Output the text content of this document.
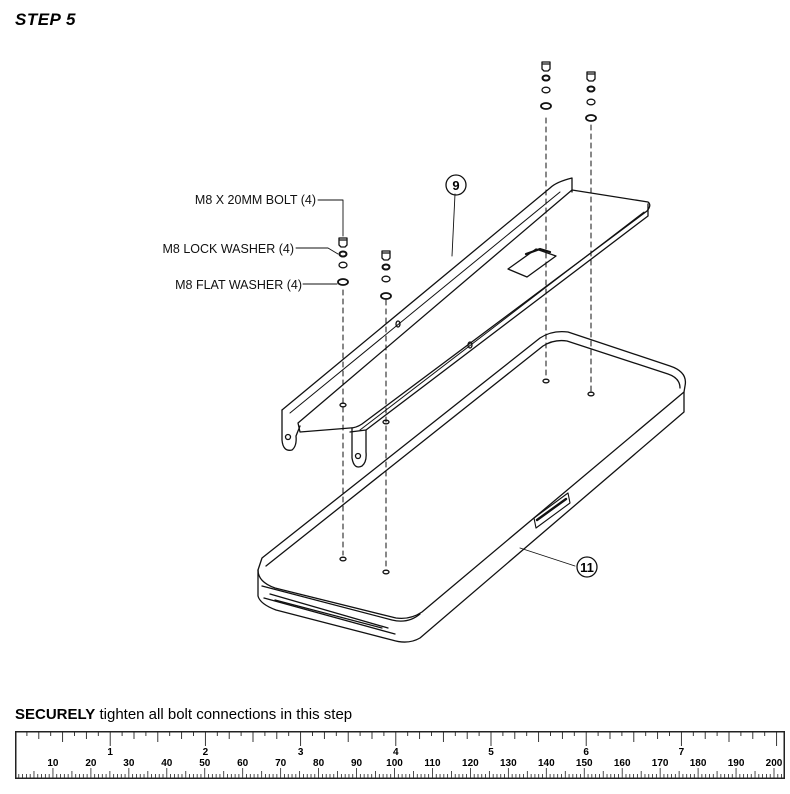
STEP 5
M8 X 20MM BOLT (4)
M8 LOCK WASHER (4)
M8 FLAT WASHER (4)
9
11
SECURELY tighten all bolt connections in this step
1	2	3	4	5	6	7
10	20	30	40	50	60	70	80	90 100 110 120 130 140 150 160 170 180 190 200
